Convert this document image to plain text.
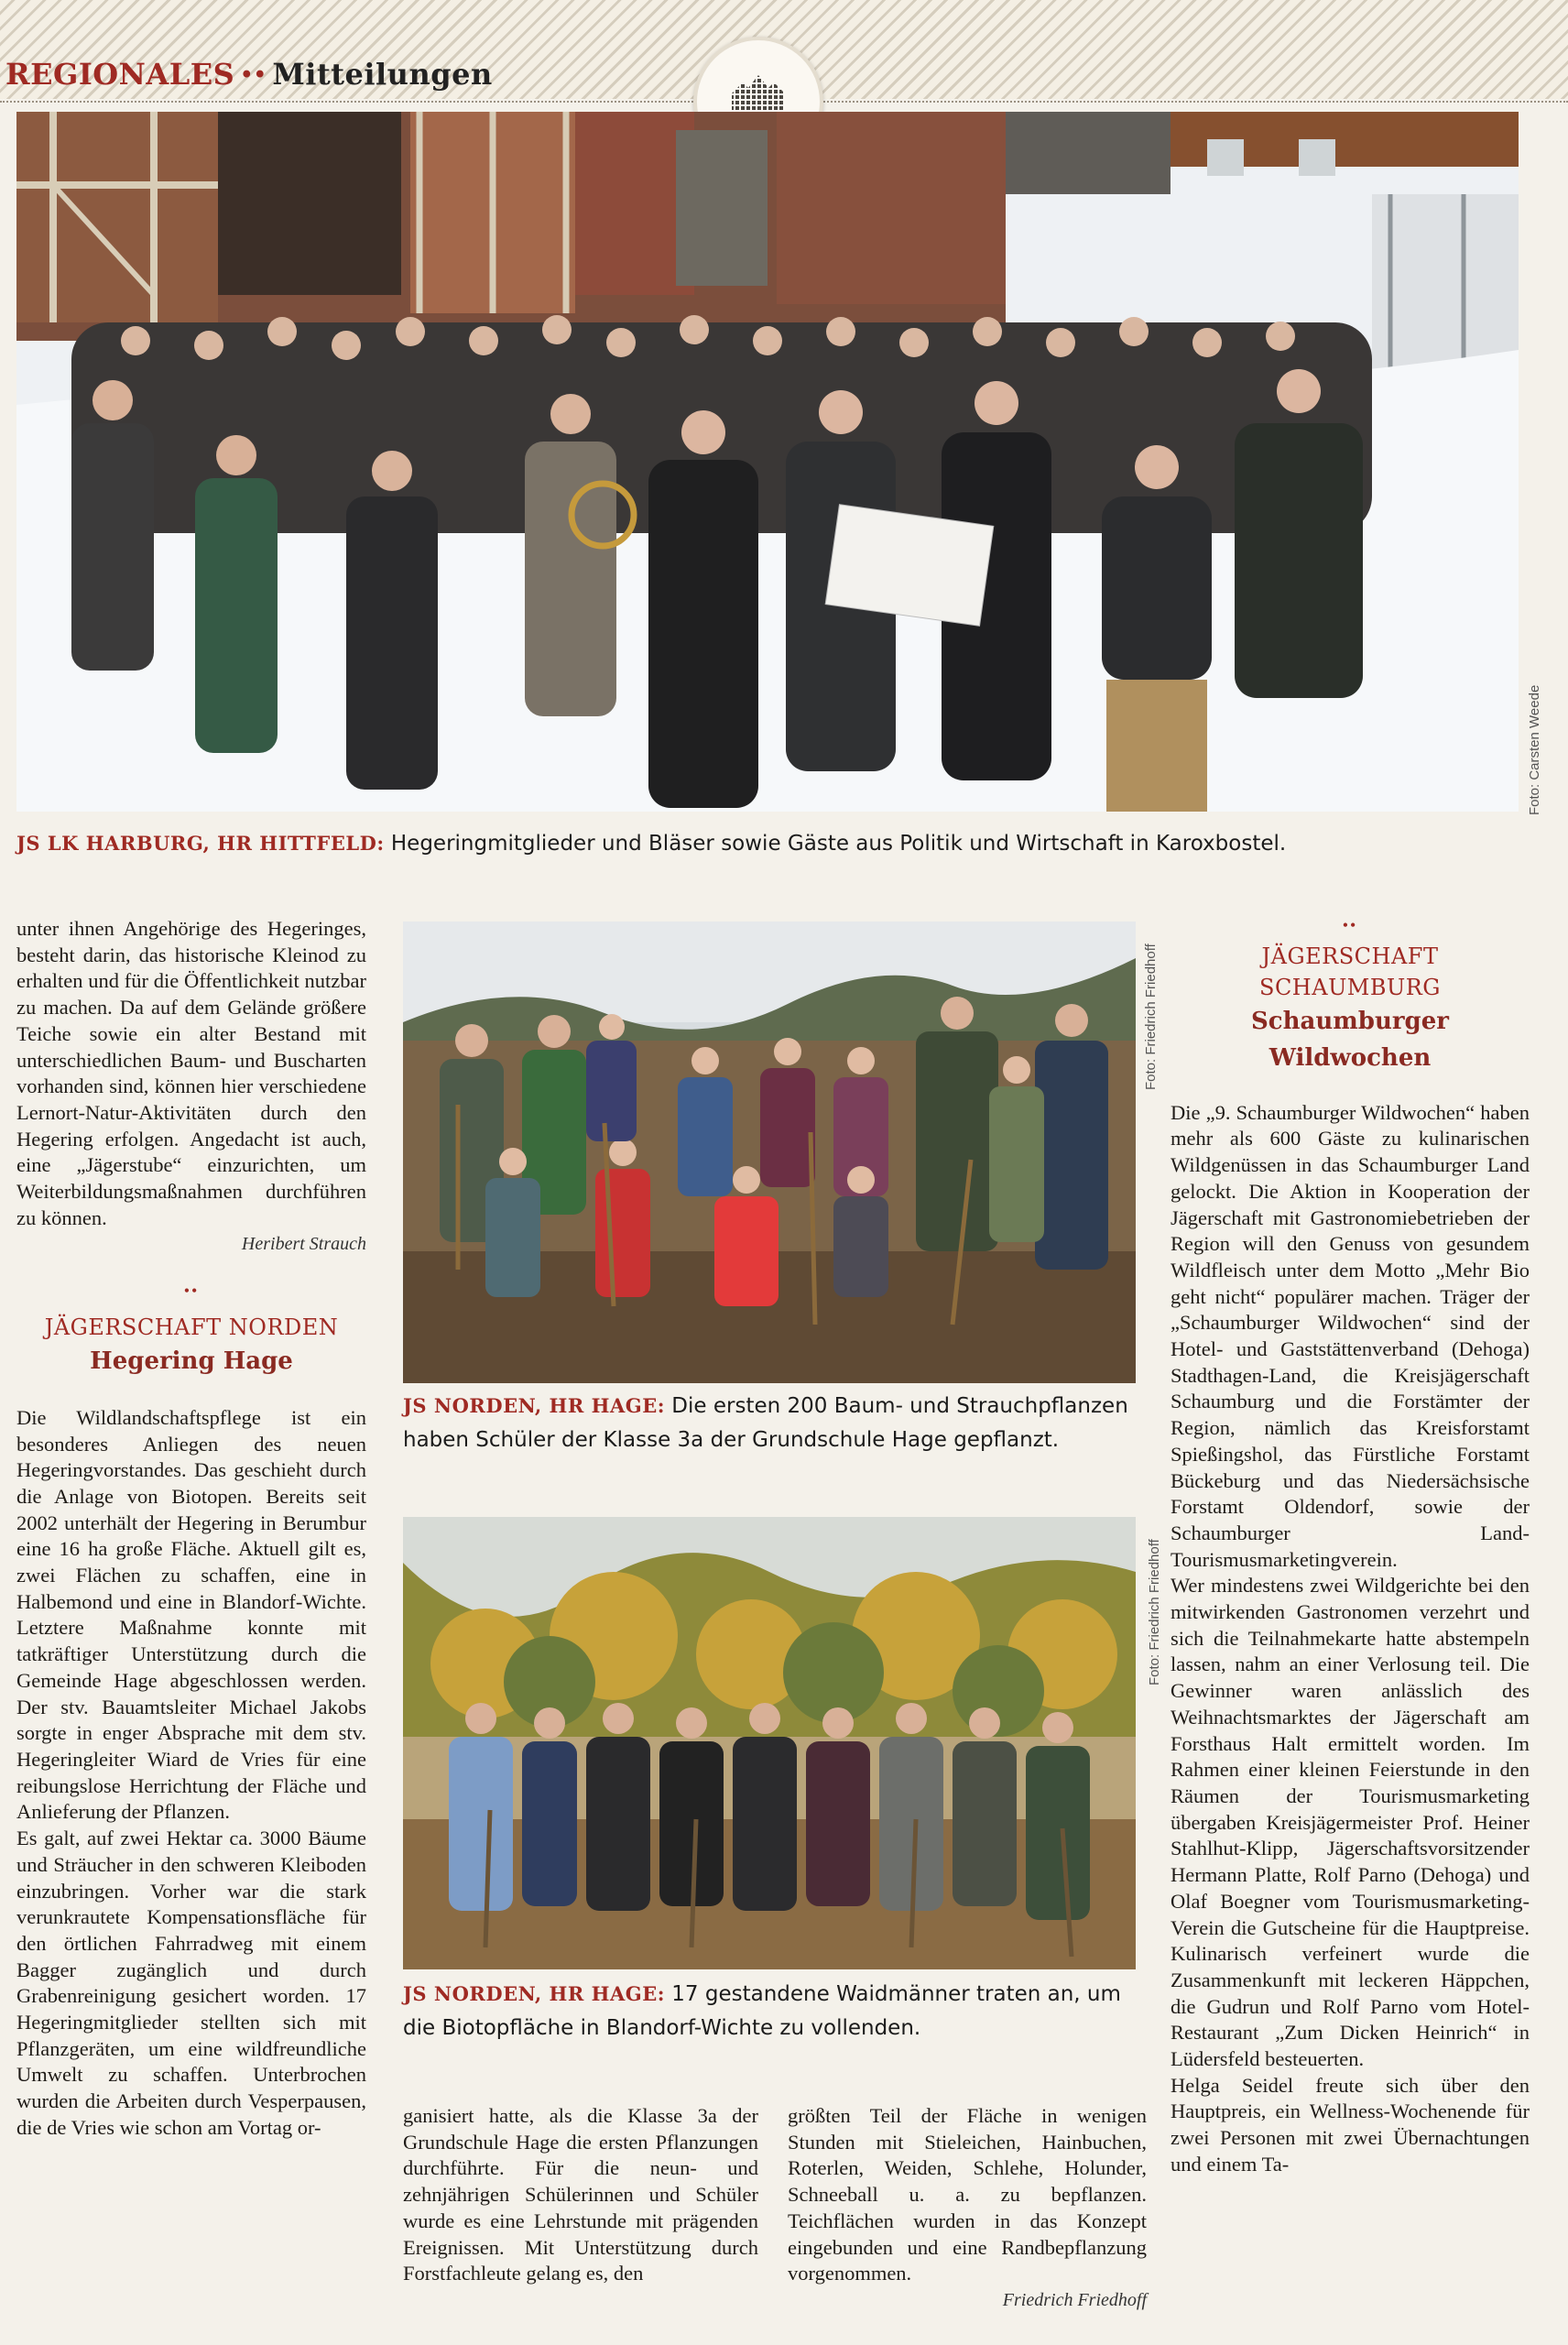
REGIONALES •• Mitteilungen
Foto: Carsten Weede
JS LK HARBURG, HR HITTFELD: Hegeringmitglieder und Bläser sowie Gäste aus Politik und Wirtschaft in Karoxbostel.
Foto: Friedrich Friedhoff
JS NORDEN, HR HAGE: Die ersten 200 Baum- und Strauchpflanzen haben Schüler der Klasse 3a der Grundschule Hage gepflanzt.
Foto: Friedrich Friedhoff
JS NORDEN, HR HAGE: 17 gestandene Waidmänner traten an, um die Biotopfläche in Blandorf-Wichte zu vollenden.

unter ihnen Angehörige des Hegeringes, besteht darin, das historische Kleinod zu erhalten und für die Öffentlichkeit nutzbar zu machen. Da auf dem Gelände größere Teiche sowie ein alter Bestand mit unterschiedlichen Baum- und Buscharten vorhanden sind, können hier verschiedene Lernort-Natur-Aktivitäten durch den Hegering erfolgen. Angedacht ist auch, eine „Jägerstube“ einzurichten, um Weiterbildungsmaßnahmen durchführen zu können.

Heribert Strauch
••
JÄGERSCHAFT NORDEN
Hegering Hage

Die Wildlandschaftspflege ist ein besonderes Anliegen des neuen Hegeringvorstandes. Das geschieht durch die Anlage von Biotopen. Bereits seit 2002 unterhält der Hegering in Berumbur eine 16 ha große Fläche. Aktuell gilt es, zwei Flächen zu schaffen, eine in Halbemond und eine in Blandorf-Wichte. Letztere Maßnahme konnte mit tatkräftiger Unterstützung durch die Gemeinde Hage abgeschlossen werden. Der stv. Bauamtsleiter Michael Jakobs sorgte in enger Absprache mit dem stv. Hegeringleiter Wiard de Vries für eine reibungslose Herrichtung der Fläche und Anlieferung der Pflanzen.

Es galt, auf zwei Hektar ca. 3000 Bäume und Sträucher in den schweren Kleiboden einzubringen. Vorher war die stark verunkrautete Kompensationsfläche für den örtlichen Fahrradweg mit einem Bagger zugänglich und durch Grabenreinigung gesichert worden. 17 Hegeringmitglieder stellten sich mit Pflanzgeräten, um eine wildfreundliche Umwelt zu schaffen. Unterbrochen wurden die Arbeiten durch Vesperpausen, die de Vries wie schon am Vortag or-

ganisiert hatte, als die Klasse 3a der Grundschule Hage die ersten Pflanzungen durchführte. Für die neun- und zehnjährigen Schülerinnen und Schüler wurde es eine Lehrstunde mit prägenden Ereignissen. Mit Unterstützung durch Forstfachleute gelang es, den

größten Teil der Fläche in wenigen Stunden mit Stieleichen, Hainbuchen, Roterlen, Weiden, Schlehe, Holunder, Schneeball u. a. zu bepflanzen. Teichflächen wurden in das Konzept eingebunden und eine Randbepflanzung vorgenommen.

Friedrich Friedhoff
••
JÄGERSCHAFT
SCHAUMBURG
Schaumburger Wildwochen

Die „9. Schaumburger Wildwochen“ haben mehr als 600 Gäste zu kulinarischen Wildgenüssen in das Schaumburger Land gelockt. Die Aktion in Kooperation der Jägerschaft mit Gastronomiebetrieben der Region will den Genuss von gesundem Wildfleisch unter dem Motto „Mehr Bio geht nicht“ populärer machen. Träger der „Schaumburger Wildwochen“ sind der Hotel- und Gaststättenverband (Dehoga) Stadthagen-Land, die Kreisjägerschaft Schaumburg und die Forstämter der Region, nämlich das Kreisforstamt Spießingshol, das Fürstliche Forstamt Bückeburg und das Niedersächsische Forstamt Oldendorf, sowie der Schaumburger Land-Tourismusmarketingverein.

Wer mindestens zwei Wildgerichte bei den mitwirkenden Gastronomen verzehrt und sich die Teilnahmekarte hatte abstempeln lassen, nahm an einer Verlosung teil. Die Gewinner waren anlässlich des Weihnachtsmarktes der Jägerschaft am Forsthaus Halt ermittelt worden. Im Rahmen einer kleinen Feierstunde in den Räumen der Tourismusmarketing übergaben Kreisjägermeister Prof. Heiner Stahlhut-Klipp, Jägerschaftsvorsitzender Hermann Platte, Rolf Parno (Dehoga) und Olaf Boegner vom Tourismusmarketing-Verein die Gutscheine für die Hauptpreise. Kulinarisch verfeinert wurde die Zusammenkunft mit leckeren Häppchen, die Gudrun und Rolf Parno vom Hotel-Restaurant „Zum Dicken Heinrich“ in Lüdersfeld besteuerten.

Helga Seidel freute sich über den Hauptpreis, ein Wellness-Wochenende für zwei Personen mit zwei Übernachtungen und einem Ta-
